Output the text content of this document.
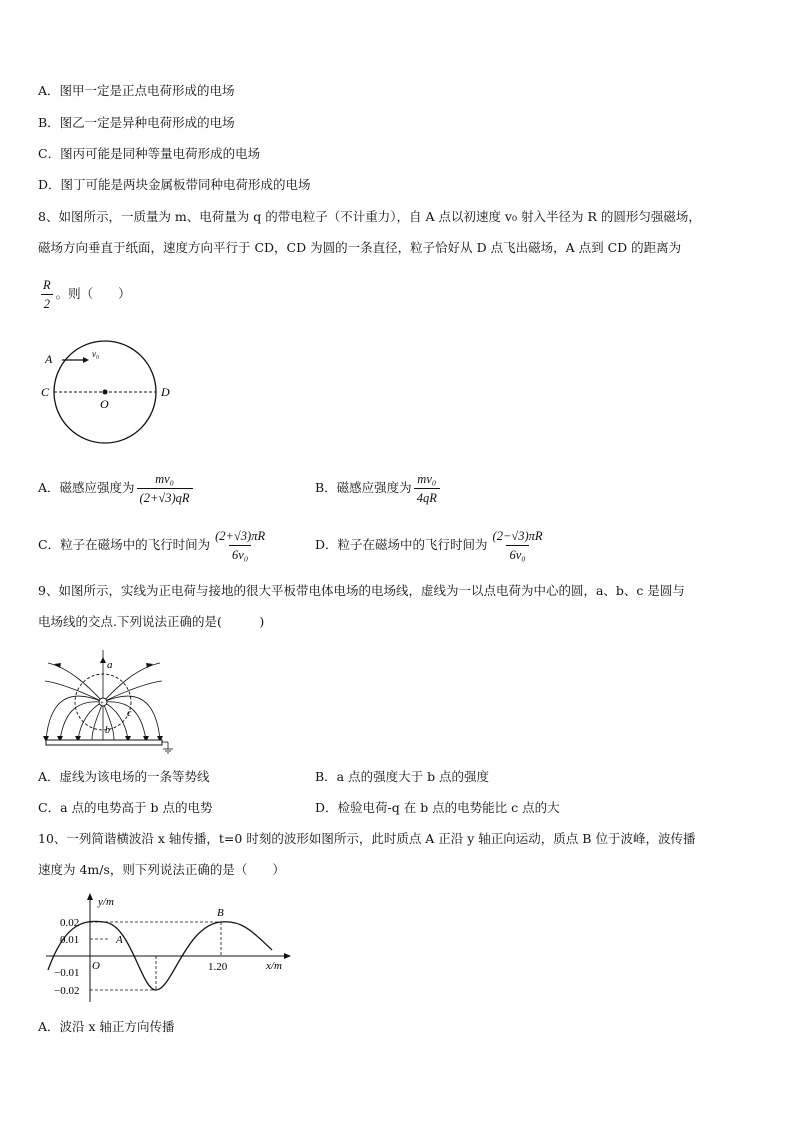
A．图甲一定是正点电荷形成的电场
B．图乙一定是异种电荷形成的电场
C．图丙可能是同种等量电荷形成的电场
D．图丁可能是两块金属板带同种电荷形成的电场
8、如图所示，一质量为 m、电荷量为 q 的带电粒子（不计重力），自 A 点以初速度 v₀ 射入半径为 R 的圆形匀强磁场，
磁场方向垂直于纸面，速度方向平行于 CD，CD 为圆的一条直径，粒子恰好从 D 点飞出磁场，A 点到 CD 的距离为
$\frac{R}{2}$ 。则（　　）
A	v₀
C
O
D
A．磁感应强度为 $\frac{\text{mv₀}}{(2+√3)qR}$	B．磁感应强度为 $\frac{\text{mv₀}}{4qR}$
C．粒子在磁场中的飞行时间为 $\frac{(2+√3)\pi R}{\text{6v₀}}$	D．粒子在磁场中的飞行时间为 $\frac{(2-√3)\pi R}{\text{6v₀}}$
9、如图所示，实线为正电荷与接地的很大平板带电体电场的电场线，虚线为一以点电荷为中心的圆，a、b、c 是圆与
电场线的交点.下列说法正确的是(　　　)
+
a
b
c
A．虚线为该电场的一条等势线	B．a 点的强度大于 b 点的强度
C．a 点的电势高于 b 点的电势	D．检验电荷-q 在 b 点的电势能比 c 点的大
10、一列简谐横波沿 x 轴传播，t=0 时刻的波形如图所示，此时质点 A 正沿 y 轴正向运动，质点 B 位于波峰，波传播
速度为 4m/s，则下列说法正确的是（　　）
y/m
x/m
O
0.02
0.01
−0.01
−0.02
1.20
A
B
A．波沿 x 轴正方向传播
